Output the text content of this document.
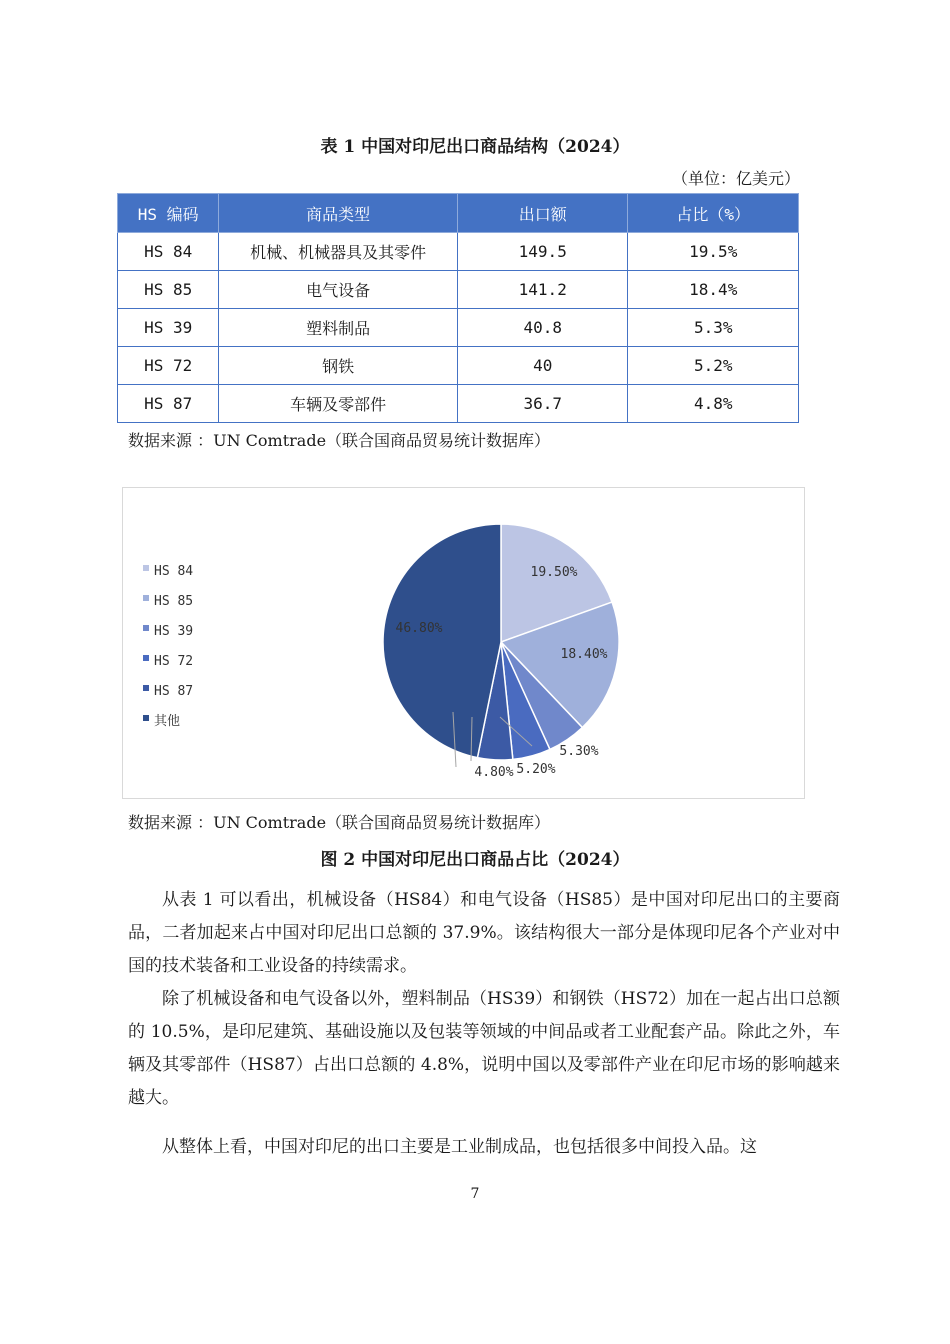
表 1 中国对印尼出口商品结构（2024）
（单位：亿美元）
HS 编码	商品类型	出口额	占比（%）
HS 84	机械、机械器具及其零件	149.5	19.5%
HS 85	电气设备	141.2	18.4%
HS 39	塑料制品	40.8	5.3%
HS 72	钢铁	40	5.2%
HS 87	车辆及零部件	36.7	4.8%
数据来源 ：UN Comtrade（联合国商品贸易统计数据库）
19.50%
18.40%
5.30%
5.20%
4.80%
46.80%
HS 84
HS 85
HS 39
HS 72
HS 87
其他
数据来源 ：UN Comtrade（联合国商品贸易统计数据库）
图 2 中国对印尼出口商品占比（2024）

从表 1 可以看出，机械设备（HS84）和电气设备（HS85）是中国对印尼出口的主要商品，二者加起来占中国对印尼出口总额的 37.9%。该结构很大一部分是体现印尼各个产业对中国的技术装备和工业设备的持续需求。

除了机械设备和电气设备以外，塑料制品（HS39）和钢铁（HS72）加在一起占出口总额的 10.5%，是印尼建筑、基础设施以及包装等领域的中间品或者工业配套产品。除此之外，车辆及其零部件（HS87）占出口总额的 4.8%，说明中国以及零部件产业在印尼市场的影响越来越大。

从整体上看，中国对印尼的出口主要是工业制成品，也包括很多中间投入品。这

7
